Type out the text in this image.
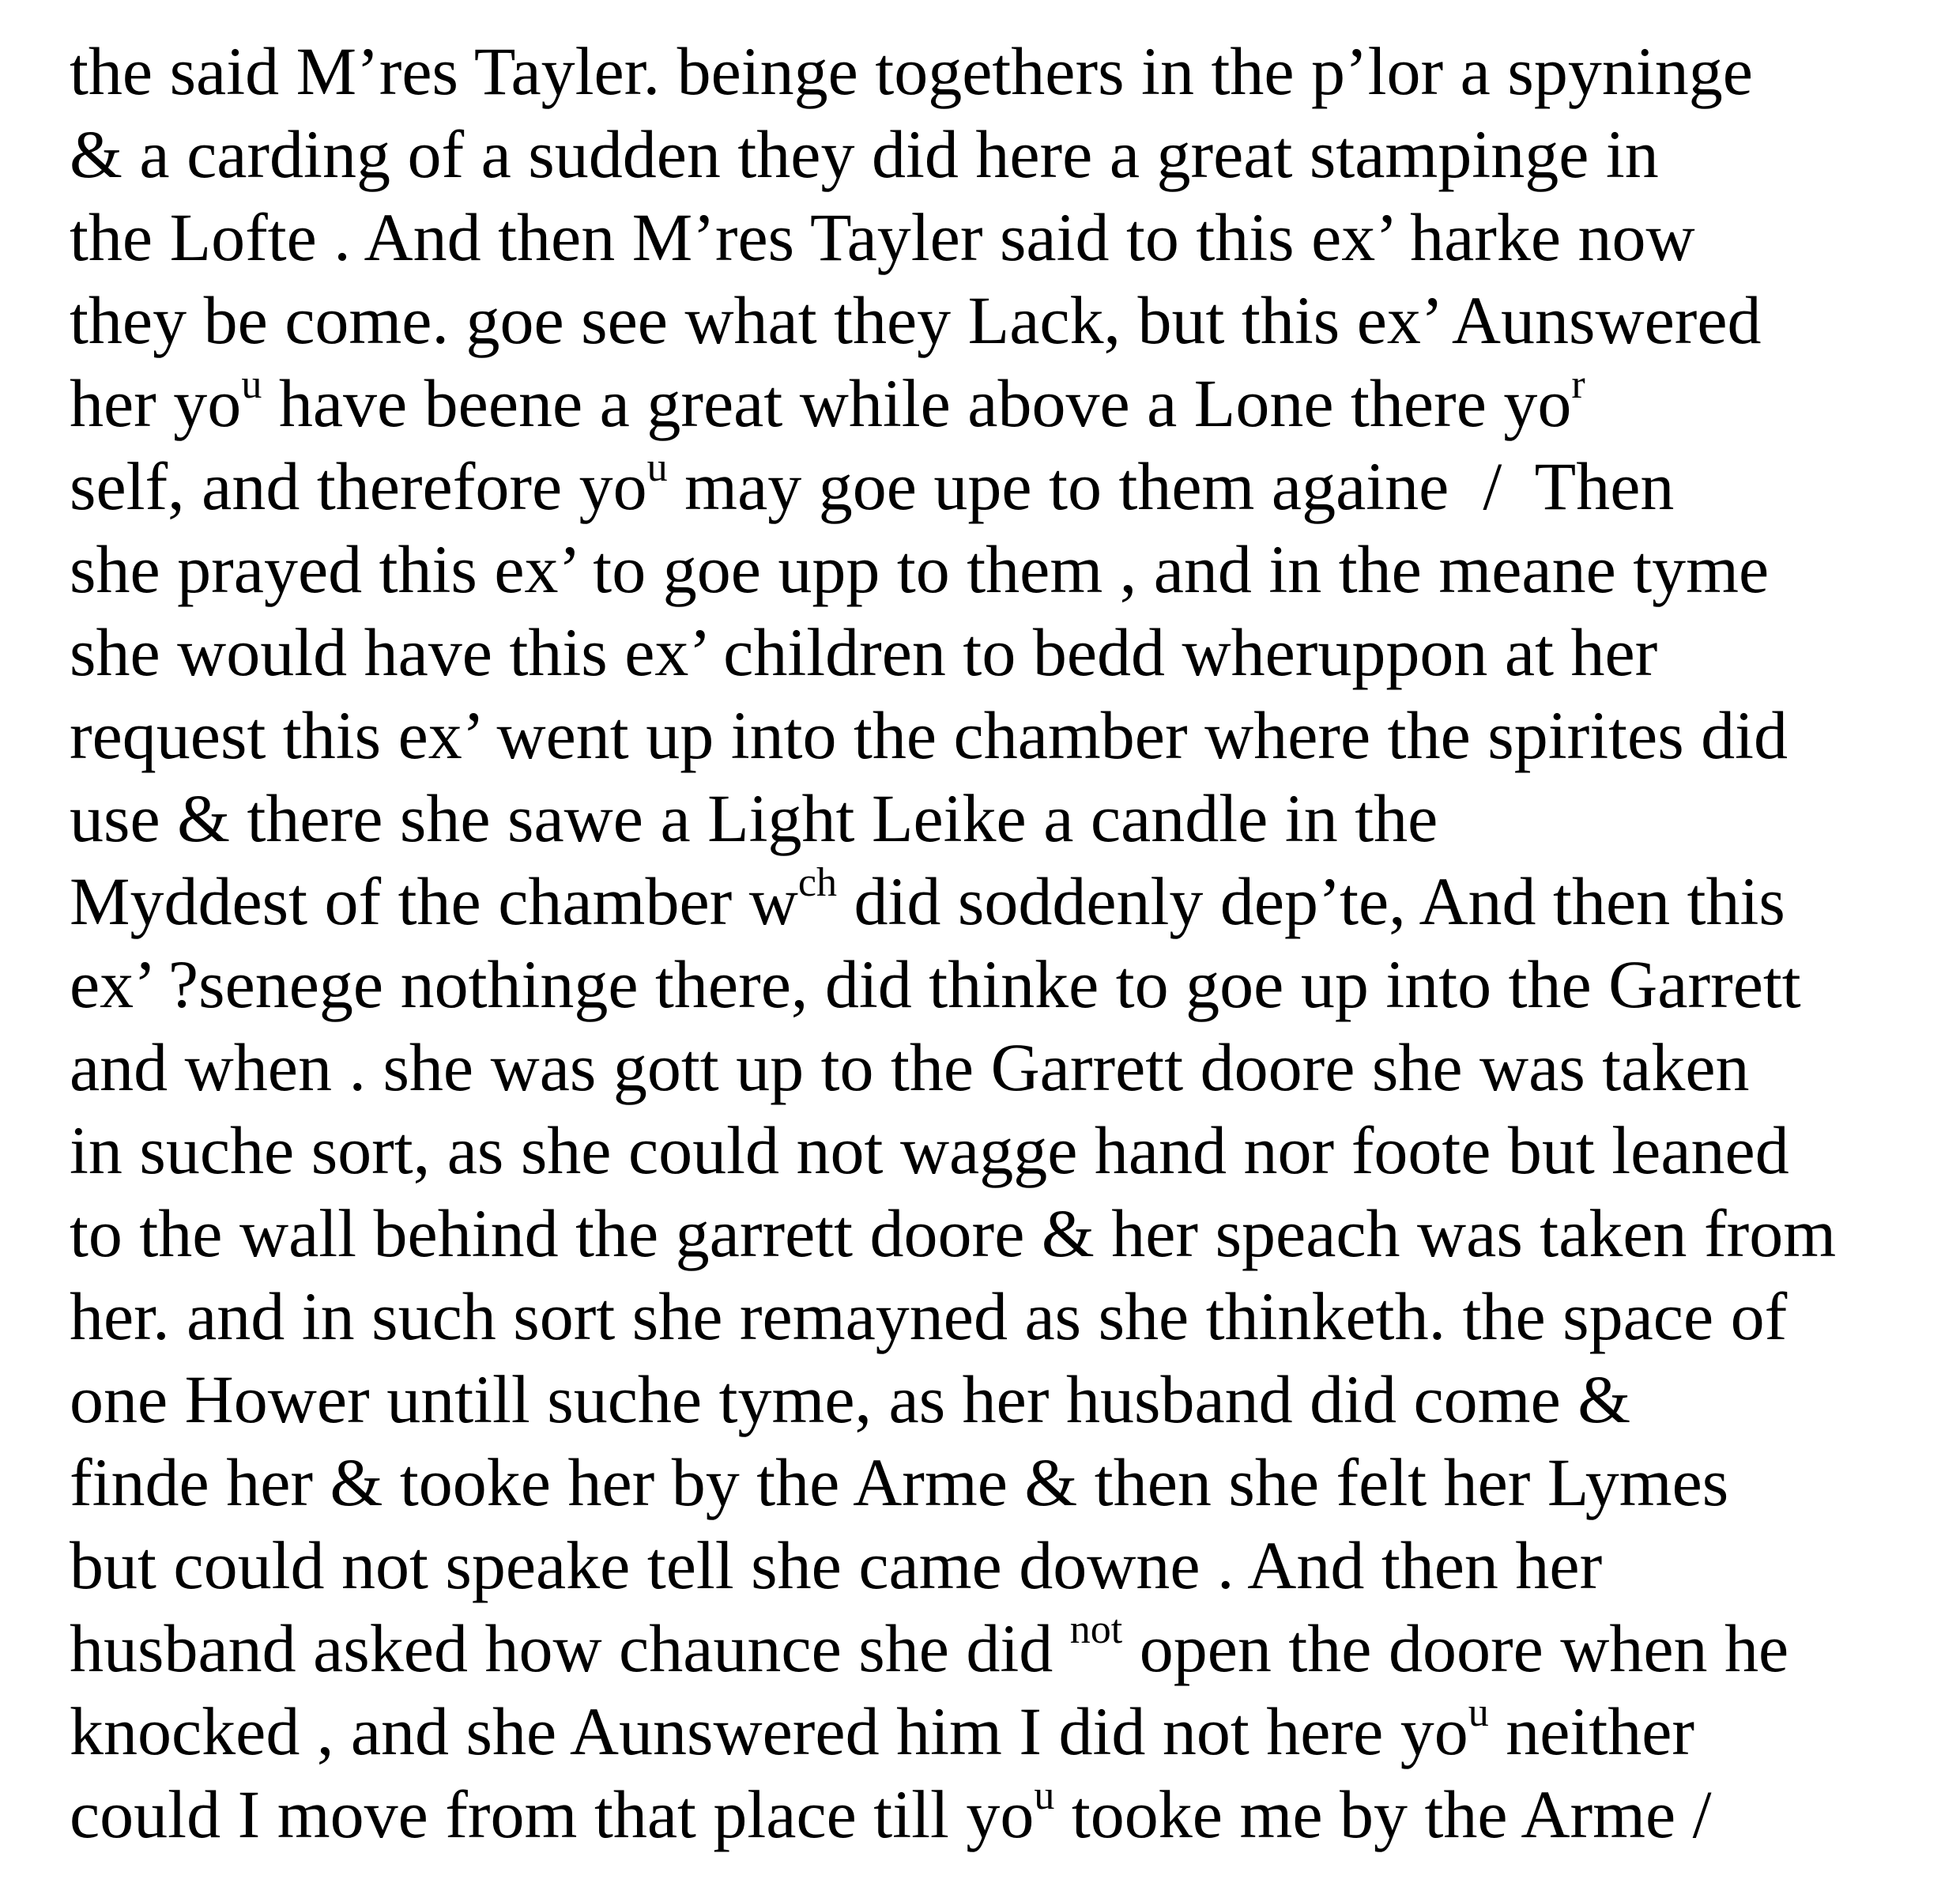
the said M’res Tayler. beinge togethers in the p’lor a spyninge
& a carding of a sudden they did here a great stampinge in
the Lofte . And then M’res Tayler said to this ex’ harke now
they be come. goe see what they Lack, but this ex’ Aunswered
her $yo^u$ have beene a great while above a Lone there $yo^r$
self, and therefore $yo^u$ may goe upe to them againe  /  Then
she prayed this ex’ to goe upp to them , and in the meane tyme
she would have this ex’ children to bedd wheruppon at her
request this ex’ went up into the chamber where the spirites did
use & there she sawe a Light Leike a candle in the
Myddest of the chamber $w^{ch}$ did soddenly dep’te, And then this
ex’ ?senege nothinge there, did thinke to goe up into the Garrett
and when . she was gott up to the Garrett doore she was taken
in suche sort, as she could not wagge hand nor foote but leaned
to the wall behind the garrett doore & her speach was taken from
her. and in such sort she remayned as she thinketh. the space of
one Hower untill suche tyme, as her husband did come &
finde her & tooke her by the Arme & then she felt her Lymes
but could not speake tell she came downe . And then her
husband asked how chaunce she did $^{not}$ open the doore when he
knocked , and she Aunswered him I did not here $yo^u$ neither
could I move from that place till $yo^u$ tooke me by the Arme /
